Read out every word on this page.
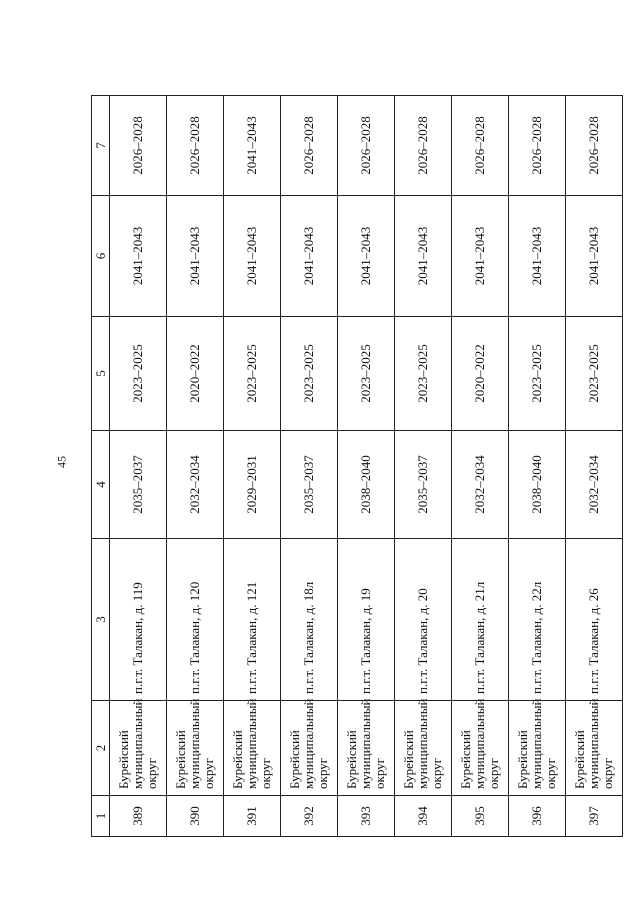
45
1	2	3	4	5	6	7
389	Бурейский муниципальный округ	п.г.т. Талакан, д. 119	2035–2037	2023–2025	2041–2043	2026–2028
390	Бурейский муниципальный округ	п.г.т. Талакан, д. 120	2032–2034	2020–2022	2041–2043	2026–2028
391	Бурейский муниципальный округ	п.г.т. Талакан, д. 121	2029–2031	2023–2025	2041–2043	2041–2043
392	Бурейский муниципальный округ	п.г.т. Талакан, д. 18л	2035–2037	2023–2025	2041–2043	2026–2028
393	Бурейский муниципальный округ	п.г.т. Талакан, д. 19	2038–2040	2023–2025	2041–2043	2026–2028
394	Бурейский муниципальный округ	п.г.т. Талакан, д. 20	2035–2037	2023–2025	2041–2043	2026–2028
395	Бурейский муниципальный округ	п.г.т. Талакан, д. 21л	2032–2034	2020–2022	2041–2043	2026–2028
396	Бурейский муниципальный округ	п.г.т. Талакан, д. 22л	2038–2040	2023–2025	2041–2043	2026–2028
397	Бурейский муниципальный округ	п.г.т. Талакан, д. 26	2032–2034	2023–2025	2041–2043	2026–2028
